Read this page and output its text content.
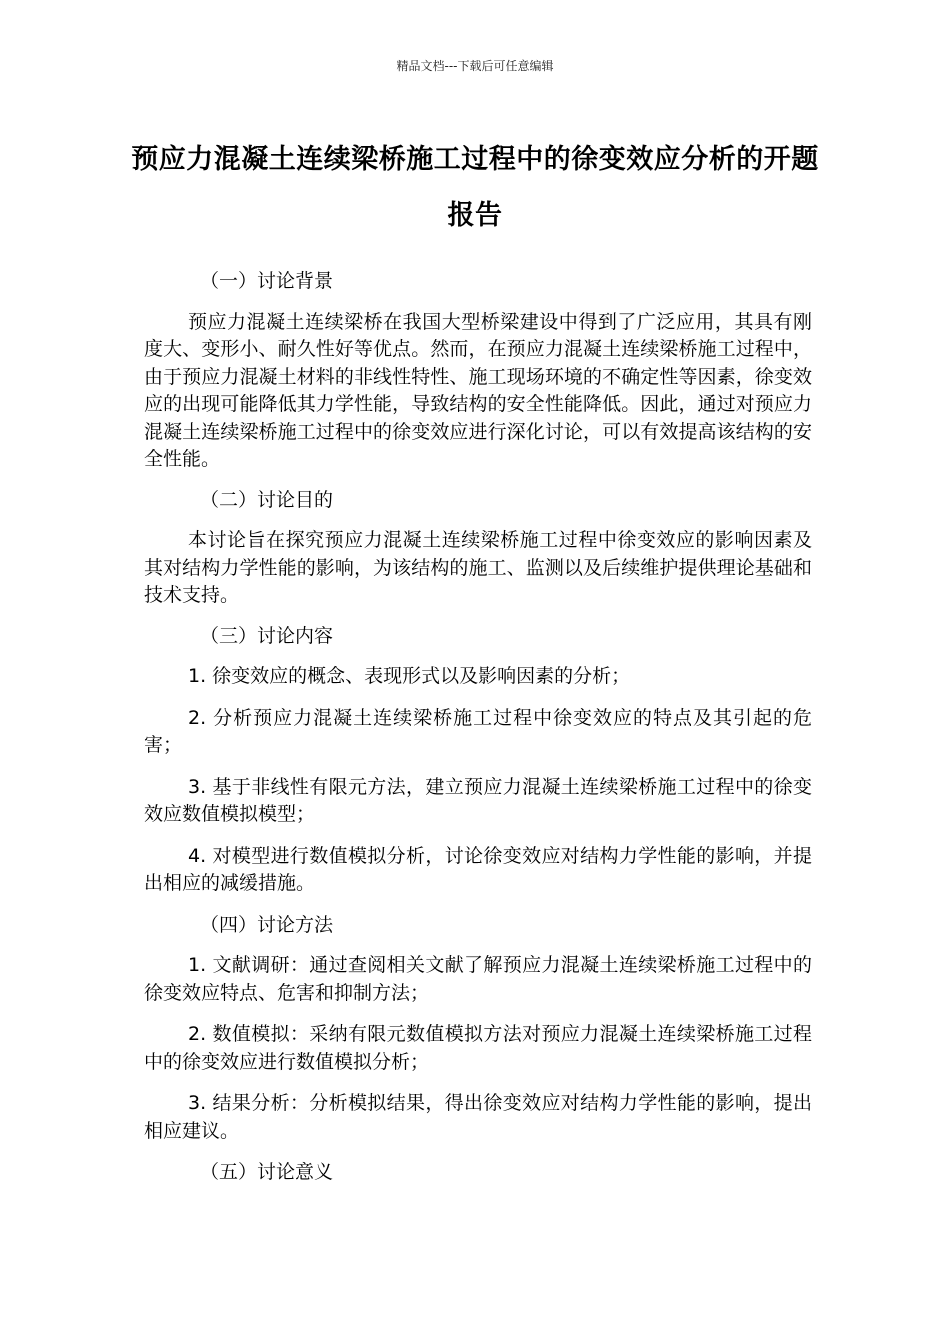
精品文档---下载后可任意编辑
预应力混凝土连续梁桥施工过程中的徐变效应分析的开题报告

（一）讨论背景

预应力混凝土连续梁桥在我国大型桥梁建设中得到了广泛应用，其具有刚度大、变形小、耐久性好等优点。然而，在预应力混凝土连续梁桥施工过程中，由于预应力混凝土材料的非线性特性、施工现场环境的不确定性等因素，徐变效应的出现可能降低其力学性能，导致结构的安全性能降低。因此，通过对预应力混凝土连续梁桥施工过程中的徐变效应进行深化讨论，可以有效提高该结构的安全性能。

（二）讨论目的

本讨论旨在探究预应力混凝土连续梁桥施工过程中徐变效应的影响因素及其对结构力学性能的影响，为该结构的施工、监测以及后续维护提供理论基础和技术支持。

（三）讨论内容

1. 徐变效应的概念、表现形式以及影响因素的分析；

2. 分析预应力混凝土连续梁桥施工过程中徐变效应的特点及其引起的危害；

3. 基于非线性有限元方法，建立预应力混凝土连续梁桥施工过程中的徐变效应数值模拟模型；

4. 对模型进行数值模拟分析，讨论徐变效应对结构力学性能的影响，并提出相应的减缓措施。

（四）讨论方法

1. 文献调研：通过查阅相关文献了解预应力混凝土连续梁桥施工过程中的徐变效应特点、危害和抑制方法；

2. 数值模拟：采纳有限元数值模拟方法对预应力混凝土连续梁桥施工过程中的徐变效应进行数值模拟分析；

3. 结果分析：分析模拟结果，得出徐变效应对结构力学性能的影响，提出相应建议。

（五）讨论意义
